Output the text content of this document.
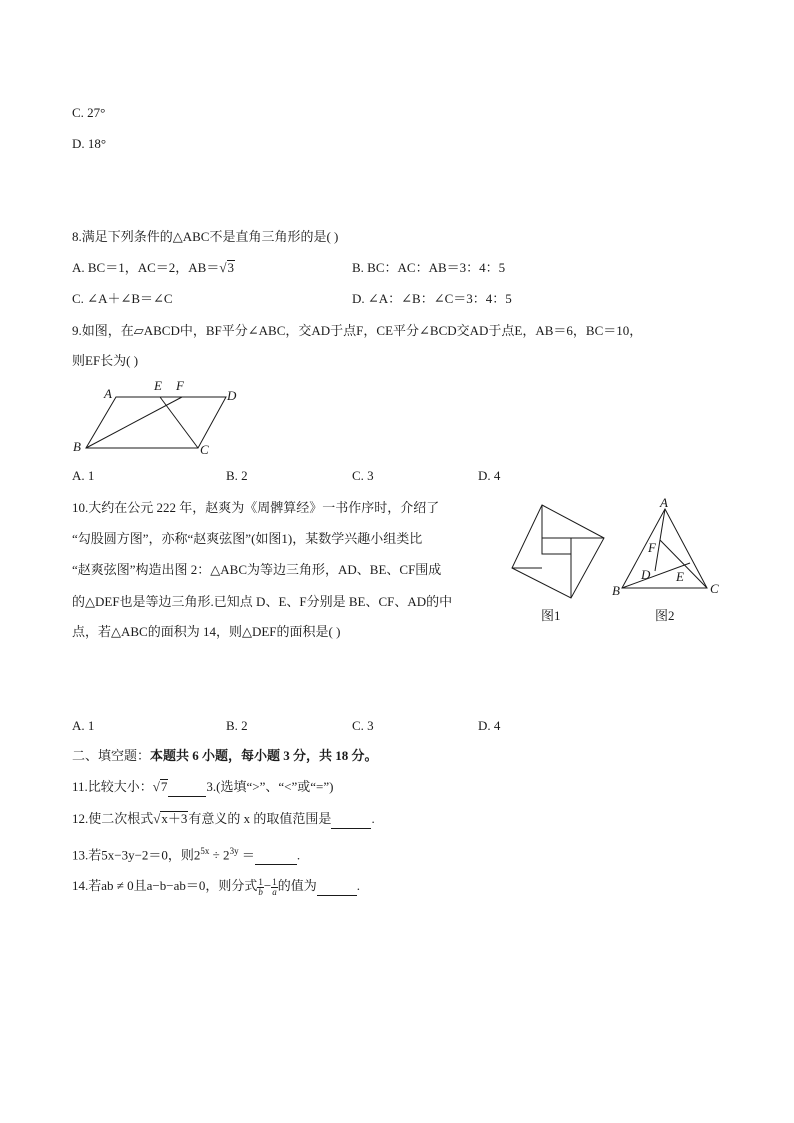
C. 27°
D. 18°
8.满足下列条件的△ABC不是直角三角形的是( )
A. BC＝1，AC＝2，AB＝√3	B. BC：AC：AB＝3：4：5
C. ∠A＋∠B＝∠C	D. ∠A：∠B：∠C＝3：4：5
9.如图，在▱ABCD中，BF平分∠ABC，交AD于点F，CE平分∠BCD交AD于点E，AB＝6，BC＝10，
则EF长为( )
A	D
B	C
E F
A. 1	B. 2	C. 3	D. 4
10.大约在公元 222 年，赵爽为《周髀算经》一书作序时，介绍了
“勾股圆方图”，亦称“赵爽弦图”(如图1)，某数学兴趣小组类比
“赵爽弦图”构造出图 2：△ABC为等边三角形，AD、BE、CF围成
的△DEF也是等边三角形.已知点 D、E、F分别是 BE、CF、AD的中
点，若△ABC的面积为 14，则△DEF的面积是( )
图1
A
B	C
D E
F
图2
A. 1	B. 2	C. 3	D. 4
二、填空题：本题共 6 小题，每小题 3 分，共 18 分。
11.比较大小：√7	3.(选填“>”、“<”或“=”)
12.使二次根式√x＋3有意义的 x 的取值范围是	.
13.若5x−3y−2＝0，则$2^{5x} \div 2^{3y}$ ＝	.
14.若ab ≠ 0且a−b−ab＝0，则分式 $\frac{1}{b} - \frac{1}{a}$ 的值为	.
